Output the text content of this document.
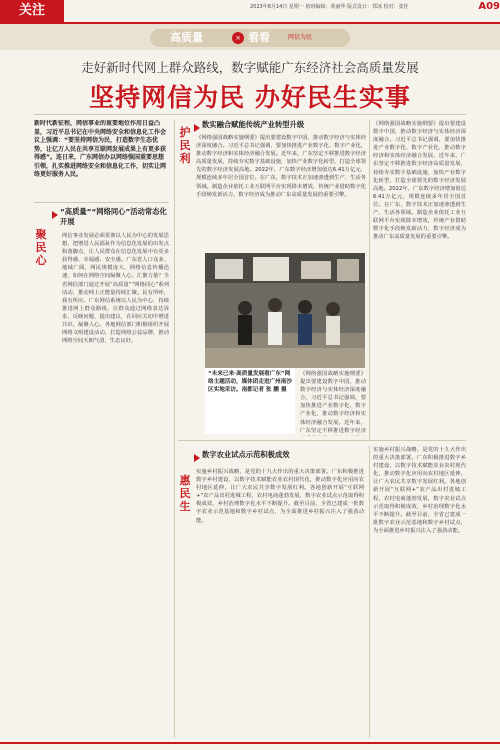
关注	2023年8月14日 星期一 值班编辑：黄丽华 版式设计：郑冰 校对：张桂	A09
高质量	× 看看	网信为民
走好新时代网上群众路线，数字赋能广东经济社会高质量发展
坚持网信为民 办好民生实事
新时代新征程，网信事业的重要地位作用日益凸显，习近平总书记在中央网络安全和信息化工作会议上强调：“要坚持网信为民，打造数字生态优势，让亿万人民在共享互联网发展成果上有更多获得感”。连日来，广东网信办以网络强国重要思想引领，扎实推进网络安全和信息化工作，切实让网络更好服务人民。
聚民心
“高质量”“网络同心”活动常态化开展
网信事业发展必须贯彻以人民为中心的发展思想，把增进人民福祉作为信息化发展的出发点和落脚点，让人民群众在信息化发展中有更多获得感、幸福感、安全感。广东省人口众多、地域广阔，网民规模庞大，网络信息传播迅速，如何在网络空间凝聚人心、汇聚力量？全省网信部门通过开展“高质量”“网络同心”系列活动，推动网上正能量持续汇聚。民有所呼，我有所应。广东网信系统以人民为中心，持续推进网上群众路线，让群众通过网络表达诉求、反映问题、提出建议，在回应关切中增进共识、凝聚人心。各地网信部门积极组织开展网络文明建设活动，打造网络公益品牌，推动网络空间天朗气清、生态良好。
护民利
数实融合赋能传统产业转型升级
《网络强国战略实施纲要》提出要建设数字中国，推动数字经济与实体经济深度融合。习近平总书记强调，要加快推进产业数字化、数字产业化，推动数字经济和实体经济融合发展。近年来，广东坚定不移推进数字经济高质量发展，持续夯实数字基础设施，加快产业数字化转型，打造全球领先的数字经济发展高地。2022年，广东数字经济增加值达6.41万亿元，规模连续多年居全国首位。在广东，数字技术正加速渗透到生产、生活各领域。制造企业依托工业互联网平台实现降本增效，传统产业借助数字化手段焕发新活力，数字经济成为推动广东高质量发展的重要引擎。
《网络强国战略实施纲要》提出要建设数字中国，推动数字经济与实体经济深度融合。习近平总书记强调，要加快推进产业数字化、数字产业化，推动数字经济和实体经济融合发展。近年来，广东坚定不移推进数字经济高质量发展，持续夯实数字基础设施，加快产业数字化转型，打造全球领先的数字经济发展高地。2022年，广东数字经济增加值达6.41万亿元，规模连续多年居全国首位。在广东，数字技术正加速渗透到生产、生活各领域。制造企业依托工业互联网平台实现降本增效，传统产业借助数字化手段焕发新活力，数字经济成为推动广东高质量发展的重要引擎。
“未来已来·高质量发展看广东”网络主题活动，媒体团走进广州南沙区实地采访。南都记者 张 鹏 摄
《网络强国战略实施纲要》提出要建设数字中国，推动数字经济与实体经济深度融合。习近平总书记强调，要加快推进产业数字化、数字产业化，推动数字经济和实体经济融合发展。近年来，广东坚定不移推进数字经济
惠民生
数字农业试点示范积极成效
实施乡村振兴战略，是党的十九大作出的重大决策部署。广东积极推进数字乡村建设，以数字技术赋能农业农村现代化，推动数字化应用向农村地区延伸，让广大农民共享数字发展红利。各地创新开展“互联网+”农产品出村进城工程，农村电商蓬勃发展，数字农业试点示范取得积极成效，乡村治理数字化水平不断提升。截至目前，全省已建成一批数字农业示范基地和数字乡村试点，为全面推进乡村振兴注入了强劲动能。
实施乡村振兴战略，是党的十九大作出的重大决策部署。广东积极推进数字乡村建设，以数字技术赋能农业农村现代化，推动数字化应用向农村地区延伸，让广大农民共享数字发展红利。各地创新开展“互联网+”农产品出村进城工程，农村电商蓬勃发展，数字农业试点示范取得积极成效，乡村治理数字化水平不断提升。截至目前，全省已建成一批数字农业示范基地和数字乡村试点，为全面推进乡村振兴注入了强劲动能。
